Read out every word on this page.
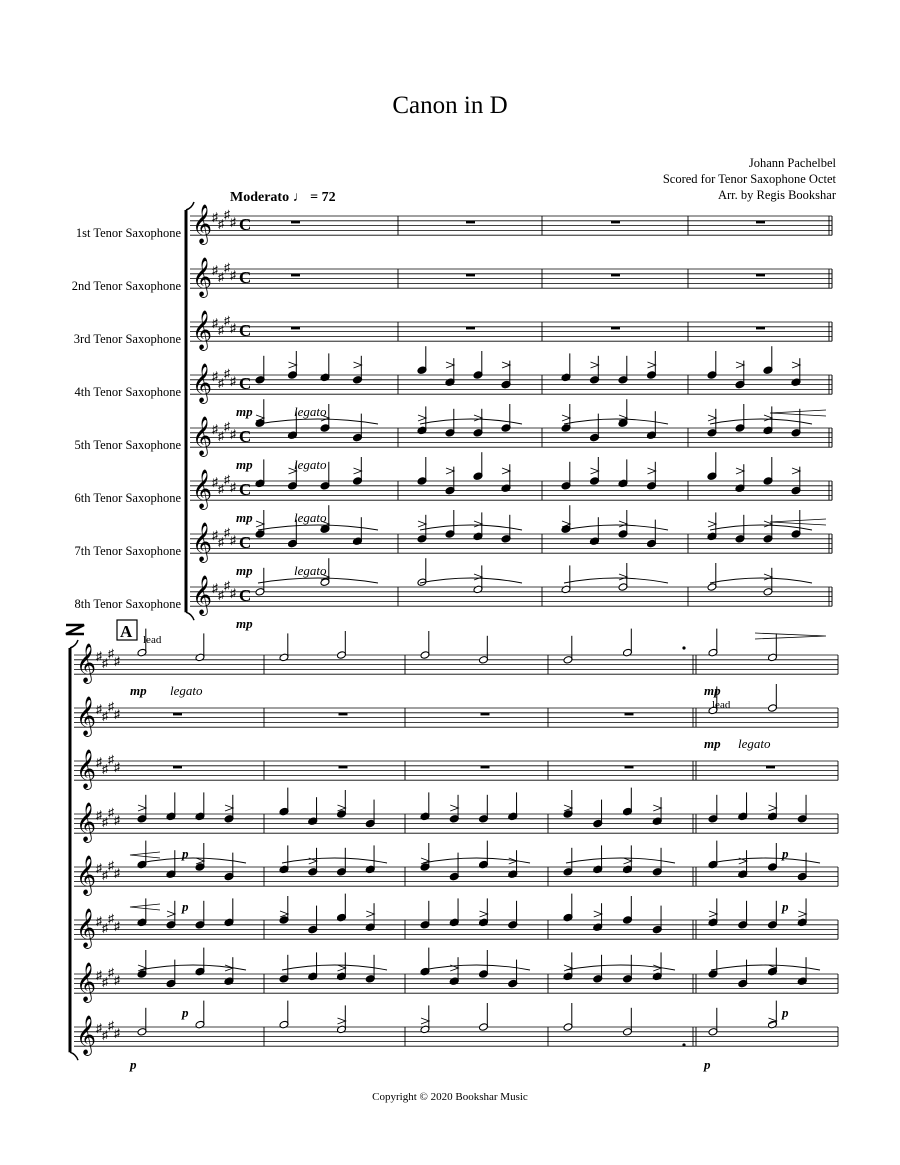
Canon in D
Johann Pachelbel
Scored for Tenor Saxophone Octet
Arr. by Regis Bookshar
Moderato ♩ = 72
1st Tenor Saxophone
2nd Tenor Saxophone
3rd Tenor Saxophone
4th Tenor Saxophone
5th Tenor Saxophone
6th Tenor Saxophone
7th Tenor Saxophone
8th Tenor Saxophone
𝄞 ♯
♯
♯
♯ C
𝄞 ♯
♯
♯
♯ C
𝄞 ♯
♯
♯
♯ C
𝄞 ♯
♯
♯
♯ C
mp	legato
𝄞 ♯
♯
♯
♯ C
mp	legato
𝄞 ♯
♯
♯
♯ C
mp	legato
𝄞 ♯
♯
♯
♯ C
mp	legato
𝄞 ♯
♯
♯
♯ C
mp
A lead
𝄞 ♯
♯
♯
♯
𝄞 ♯
♯
♯
♯
𝄞 ♯
♯
♯
♯
𝄞 ♯
♯
♯
♯
𝄞 ♯
♯
♯
♯
𝄞 ♯
♯
♯
♯
𝄞 ♯
♯
♯
♯
𝄞 ♯
♯
♯
♯
mp legato	mp
lead
mp legato
p	p
p	p
p	p
p	p
Copyright © 2020 Bookshar Music
